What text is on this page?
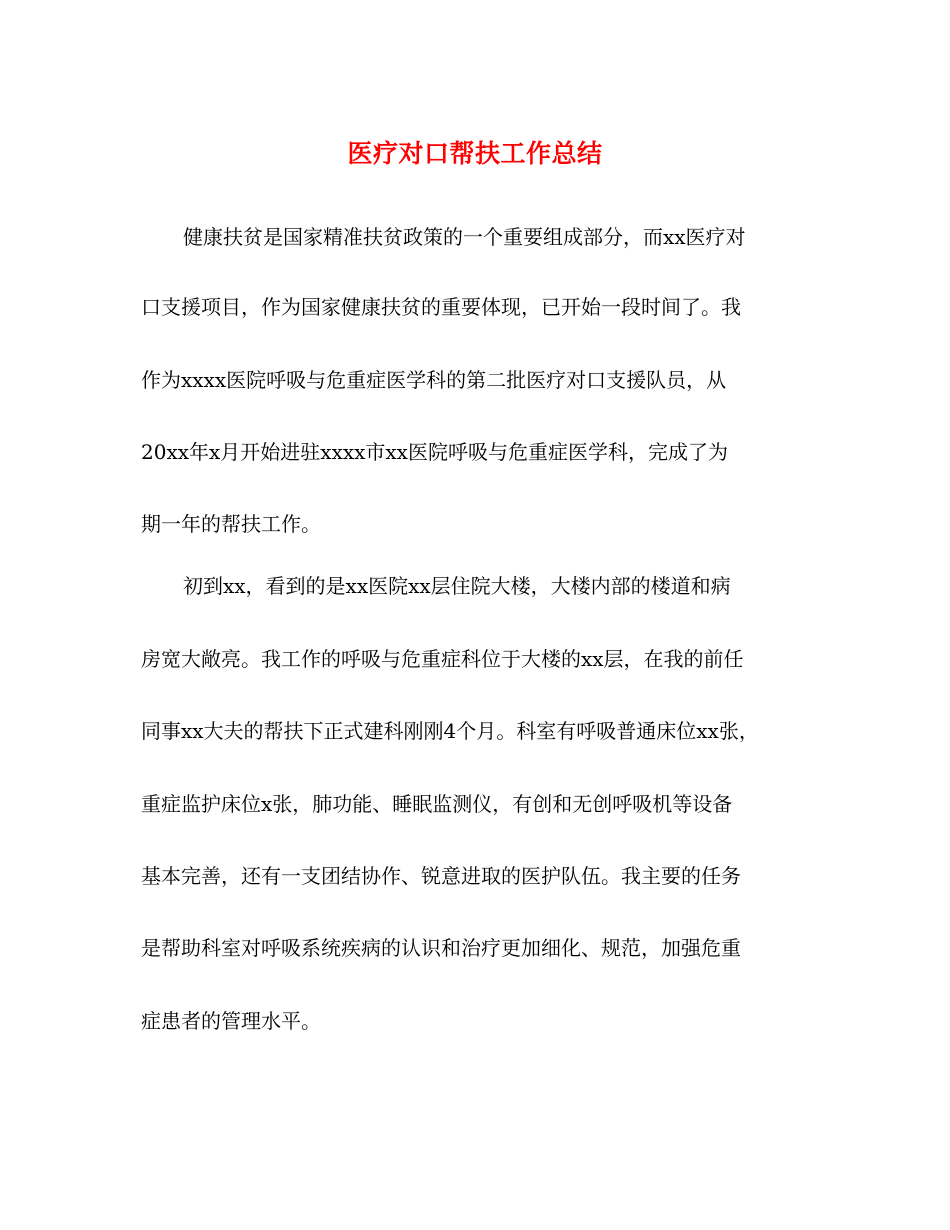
医疗对口帮扶工作总结

健康扶贫是国家精准扶贫政策的一个重要组成部分，而xx医疗对

口支援项目，作为国家健康扶贫的重要体现，已开始一段时间了。我

作为xxxx医院呼吸与危重症医学科的第二批医疗对口支援队员，从

20xx年x月开始进驻xxxx市xx医院呼吸与危重症医学科，完成了为

期一年的帮扶工作。

初到xx，看到的是xx医院xx层住院大楼，大楼内部的楼道和病

房宽大敞亮。我工作的呼吸与危重症科位于大楼的xx层，在我的前任

同事xx大夫的帮扶下正式建科刚刚4个月。科室有呼吸普通床位xx张，

重症监护床位x张，肺功能、睡眠监测仪，有创和无创呼吸机等设备

基本完善，还有一支团结协作、锐意进取的医护队伍。我主要的任务

是帮助科室对呼吸系统疾病的认识和治疗更加细化、规范，加强危重

症患者的管理水平。
